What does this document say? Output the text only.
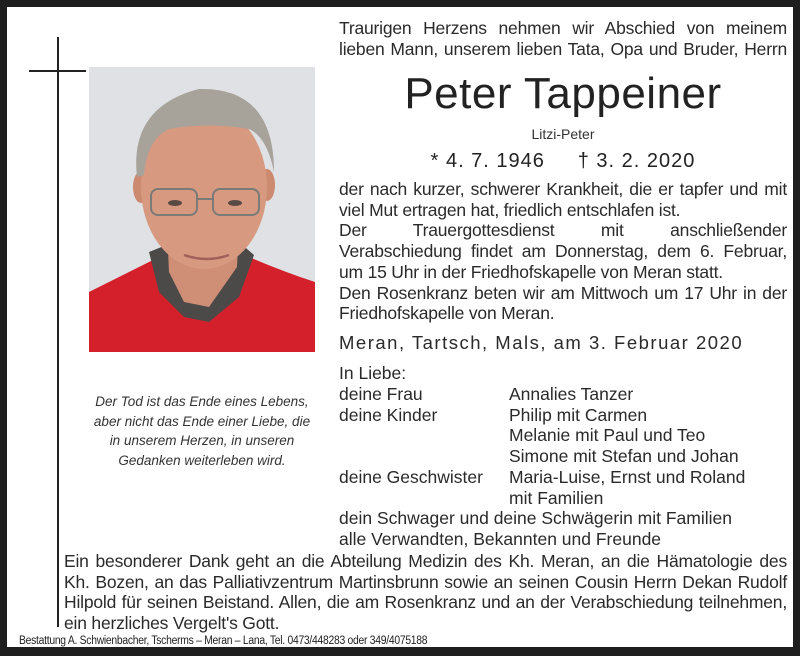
Der Tod ist das Ende eines Lebens, aber nicht das Ende einer Liebe, die in unserem Herzen, in unseren Gedanken weiterleben wird.
Traurigen Herzens nehmen wir Abschied von meinem
lieben Mann, unserem lieben Tata, Opa und Bruder, Herrn
Peter Tappeiner
Litzi-Peter
* 4. 7. 1946 † 3. 2. 2020

der nach kurzer, schwerer Krankheit, die er tapfer und mit viel Mut ertragen hat, friedlich entschlafen ist.

Der Trauergottesdienst mit anschließender Verabschiedung findet am Donnerstag, dem 6. Februar, um 15 Uhr in der Friedhofskapelle von Meran statt.

Den Rosenkranz beten wir am Mittwoch um 17 Uhr in der Friedhofskapelle von Meran.

Meran, Tartsch, Mals, am 3. Februar 2020
In Liebe:
deine Frau	Annalies Tanzer
deine Kinder	Philip mit Carmen
Melanie mit Paul und Teo
Simone mit Stefan und Johan
deine Geschwister	Maria-Luise, Ernst und Roland
mit Familien
dein Schwager und deine Schwägerin mit Familien
alle Verwandten, Bekannten und Freunde
Ein besonderer Dank geht an die Abteilung Medizin des Kh. Meran, an die Hämatologie des Kh. Bozen, an das Palliativzentrum Martinsbrunn sowie an seinen Cousin Herrn Dekan Rudolf Hilpold für seinen Beistand. Allen, die am Rosenkranz und an der Verabschiedung teilnehmen, ein herzliches Vergelt's Gott.
Bestattung A. Schwienbacher, Tscherms – Meran – Lana, Tel. 0473/448283 oder 349/4075188
